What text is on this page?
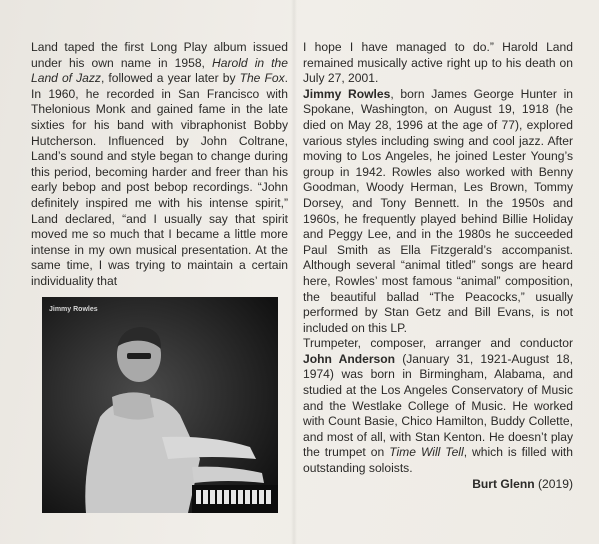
Land taped the first Long Play album issued under his own name in 1958, Harold in the Land of Jazz, followed a year later by The Fox. In 1960, he recorded in San Francisco with Thelonious Monk and gained fame in the late sixties for his band with vibraphonist Bobby Hutcherson. Influenced by John Coltrane, Land’s sound and style began to change during this period, becoming harder and freer than his early bebop and post bebop recordings. “John definitely inspired me with his intense spirit,” Land declared, “and I usually say that spirit moved me so much that I became a little more intense in my own musical presentation. At the same time, I was trying to maintain a certain individuality that

Jimmy Rowles

I hope I have managed to do.” Harold Land remained musically active right up to his death on July 27, 2001.

Jimmy Rowles, born James George Hunter in Spokane, Washington, on August 19, 1918 (he died on May 28, 1996 at the age of 77), explored various styles including swing and cool jazz. After moving to Los Angeles, he joined Lester Young’s group in 1942. Rowles also worked with Benny Goodman, Woody Herman, Les Brown, Tommy Dorsey, and Tony Bennett. In the 1950s and 1960s, he frequently played behind Billie Holiday and Peggy Lee, and in the 1980s he succeeded Paul Smith as Ella Fitzgerald’s accompanist. Although several “animal titled” songs are heard here, Rowles’ most famous “animal” composition, the beautiful ballad “The Peacocks,” usually performed by Stan Getz and Bill Evans, is not included on this LP.

Trumpeter, composer, arranger and conductor John Anderson (January 31, 1921-August 18, 1974) was born in Birmingham, Alabama, and studied at the Los Angeles Conservatory of Music and the Westlake College of Music. He worked with Count Basie, Chico Hamilton, Buddy Collette, and most of all, with Stan Kenton. He doesn’t play the trumpet on Time Will Tell, which is filled with outstanding soloists.

Burt Glenn (2019)
